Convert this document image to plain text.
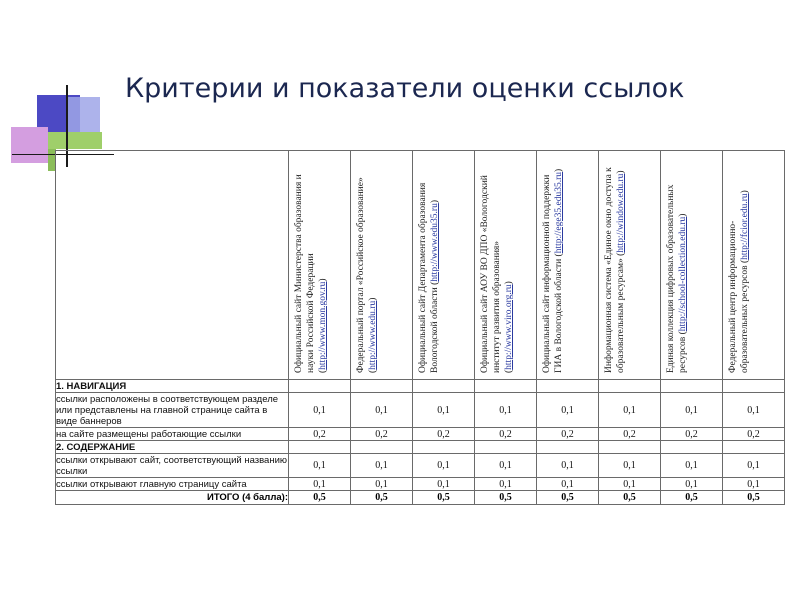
Критерии и показатели оценки ссылок

	Официальный сайт Министерства образования и науки Российской Федерации (http://www.mon.gov.ru)	Федеральный портал «Российское образование» (http://www.edu.ru)	Официальный сайт Департамента образования Вологодской области (http://www.edu35.ru)	Официальный сайт АОУ ВО ДПО «Вологодский институт развития образования» (http://www.viro.org.ru)	Официальный сайт информационной поддержки ГИА в Вологодской области (http://ege35.edu35.ru)	Информационная система «Единое окно доступа к образовательным ресурсам» (http://window.edu.ru)	Единая коллекция цифровых образовательных ресурсов (http://school-collection.edu.ru)	Федеральный центр информационно-образовательных ресурсов (http://fcior.edu.ru)

1. НАВИГАЦИЯ								
ссылки расположены в соответствующем разделе или представлены на главной странице сайта в виде баннеров	0,1	0,1	0,1	0,1	0,1	0,1	0,1	0,1
на сайте размещены работающие ссылки	0,2	0,2	0,2	0,2	0,2	0,2	0,2	0,2
2. СОДЕРЖАНИЕ								
ссылки открывают сайт, соответствующий названию ссылки	0,1	0,1	0,1	0,1	0,1	0,1	0,1	0,1
ссылки открывают главную страницу сайта	0,1	0,1	0,1	0,1	0,1	0,1	0,1	0,1
ИТОГО (4 балла):	0,5	0,5	0,5	0,5	0,5	0,5	0,5	0,5
